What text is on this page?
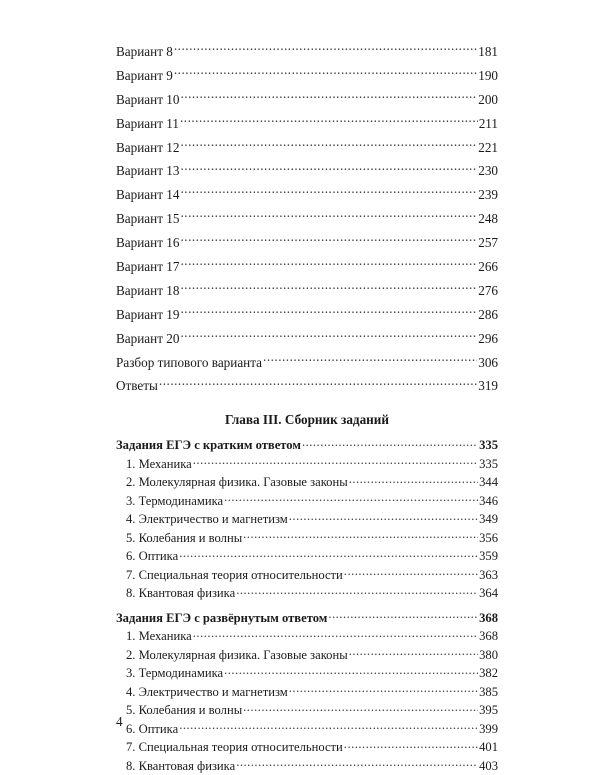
Вариант 8 .....	181
Вариант 9 .....	190
Вариант 10 .....	200
Вариант 11 .....	211
Вариант 12 .....	221
Вариант 13 .....	230
Вариант 14 .....	239
Вариант 15 .....	248
Вариант 16 .....	257
Вариант 17 .....	266
Вариант 18 .....	276
Вариант 19 .....	286
Вариант 20 .....	296
Разбор типового варианта .....	306
Ответы .....	319
Глава III. Сборник заданий
Задания ЕГЭ с кратким ответом .....	335
1. Механика .....	335
2. Молекулярная физика. Газовые законы .....	344
3. Термодинамика .....	346
4. Электричество и магнетизм .....	349
5. Колебания и волны .....	356
6. Оптика .....	359
7. Специальная теория относительности .....	363
8. Квантовая физика .....	364
Задания ЕГЭ с развёрнутым ответом .....	368
1. Механика .....	368
2. Молекулярная физика. Газовые законы .....	380
3. Термодинамика .....	382
4. Электричество и магнетизм .....	385
5. Колебания и волны .....	395
6. Оптика .....	399
7. Специальная теория относительности .....	401
8. Квантовая физика .....	403
4
